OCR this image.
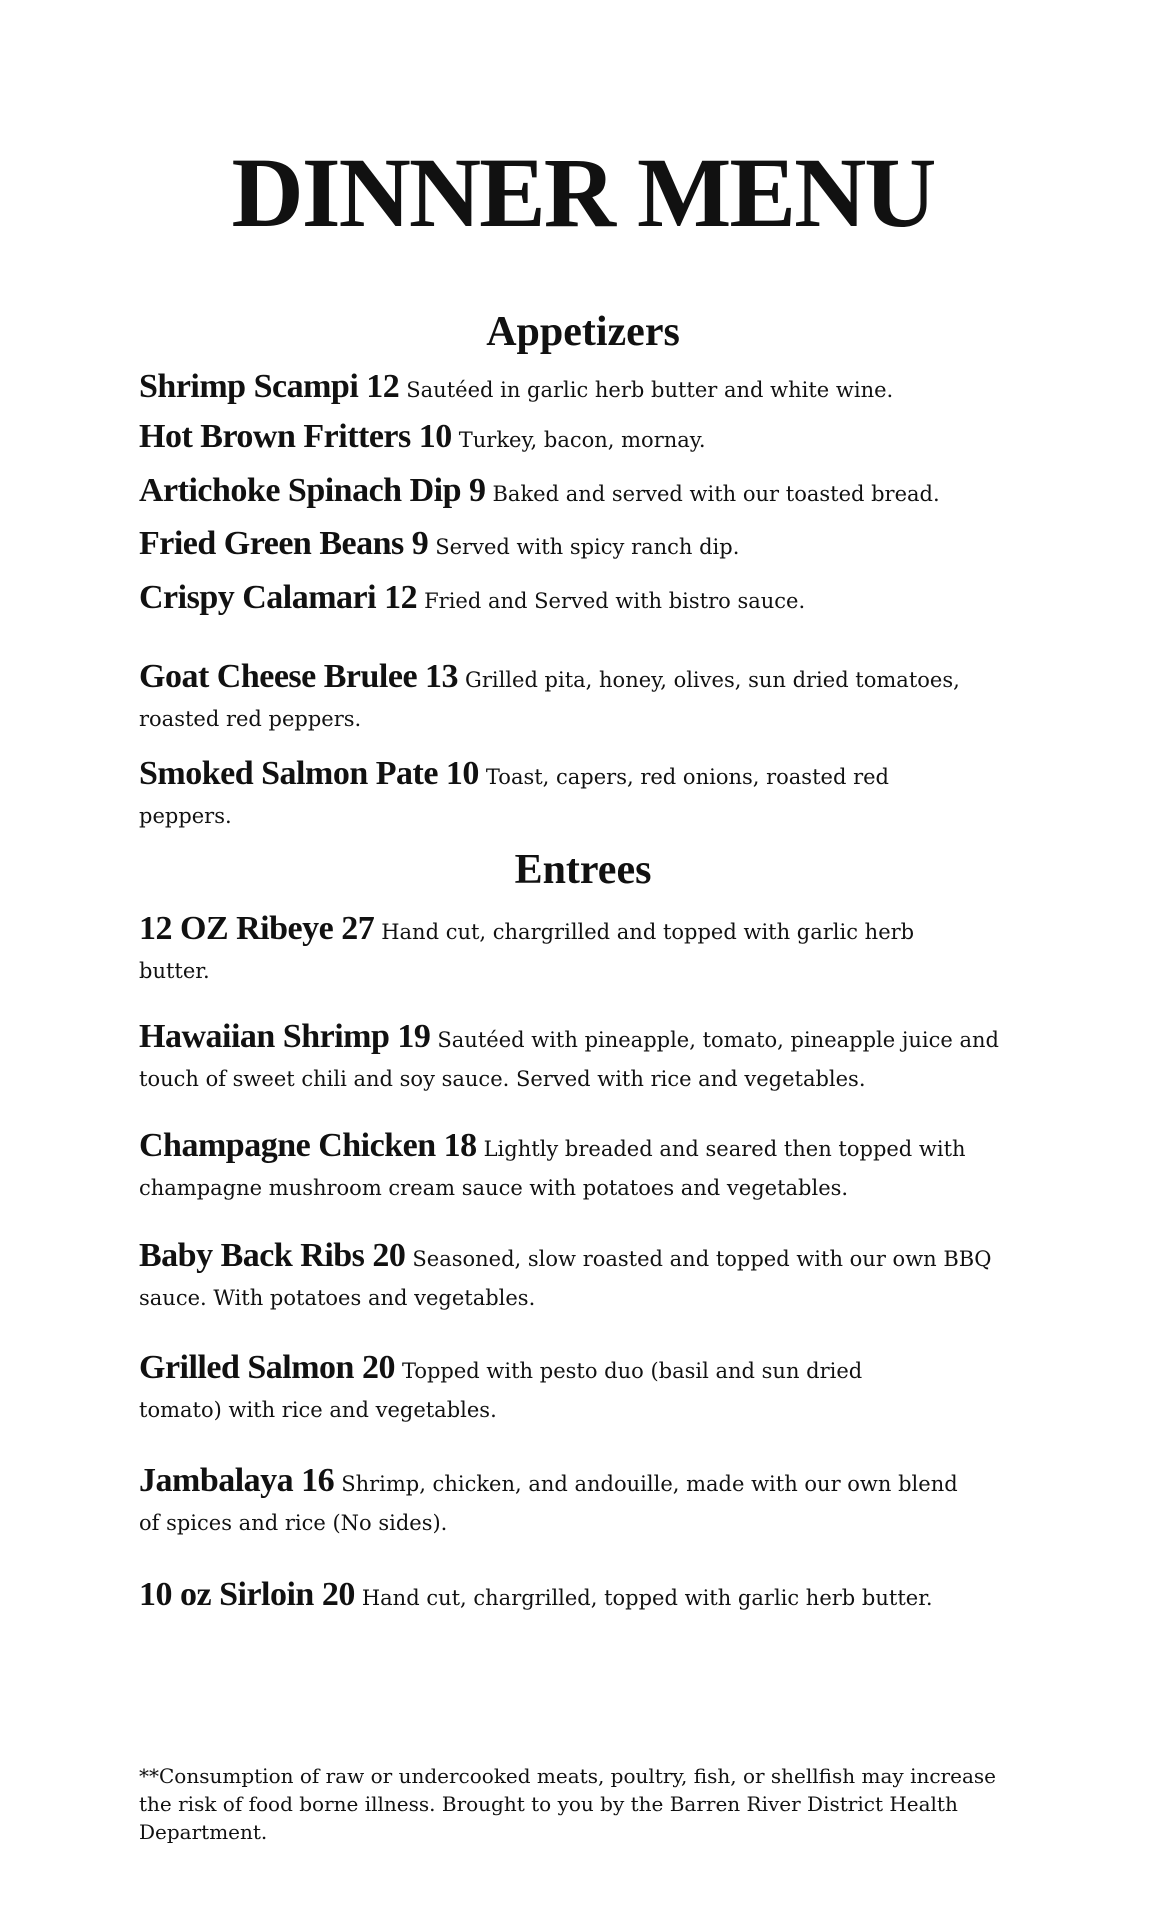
DINNER MENU
Appetizers

Shrimp Scampi 12 Sautéed in garlic herb butter and white wine.

Hot Brown Fritters 10 Turkey, bacon, mornay.

Artichoke Spinach Dip 9 Baked and served with our toasted bread.

Fried Green Beans 9 Served with spicy ranch dip.

Crispy Calamari 12 Fried and Served with bistro sauce.

Goat Cheese Brulee 13 Grilled pita, honey, olives, sun dried tomatoes, roasted red peppers.

Smoked Salmon Pate 10 Toast, capers, red onions, roasted red peppers.

Entrees

12 OZ Ribeye 27 Hand cut, chargrilled and topped with garlic herb butter.

Hawaiian Shrimp 19 Sautéed with pineapple, tomato, pineapple juice and touch of sweet chili and soy sauce. Served with rice and vegetables.

Champagne Chicken 18 Lightly breaded and seared then topped with champagne mushroom cream sauce with potatoes and vegetables.

Baby Back Ribs 20 Seasoned, slow roasted and topped with our own BBQ sauce. With potatoes and vegetables.

Grilled Salmon 20 Topped with pesto duo (basil and sun dried tomato) with rice and vegetables.

Jambalaya 16 Shrimp, chicken, and andouille, made with our own blend of spices and rice (No sides).

10 oz Sirloin 20 Hand cut, chargrilled, topped with garlic herb butter.

**Consumption of raw or undercooked meats, poultry, fish, or shellfish may increase the risk of food borne illness. Brought to you by the Barren River District Health Department.
